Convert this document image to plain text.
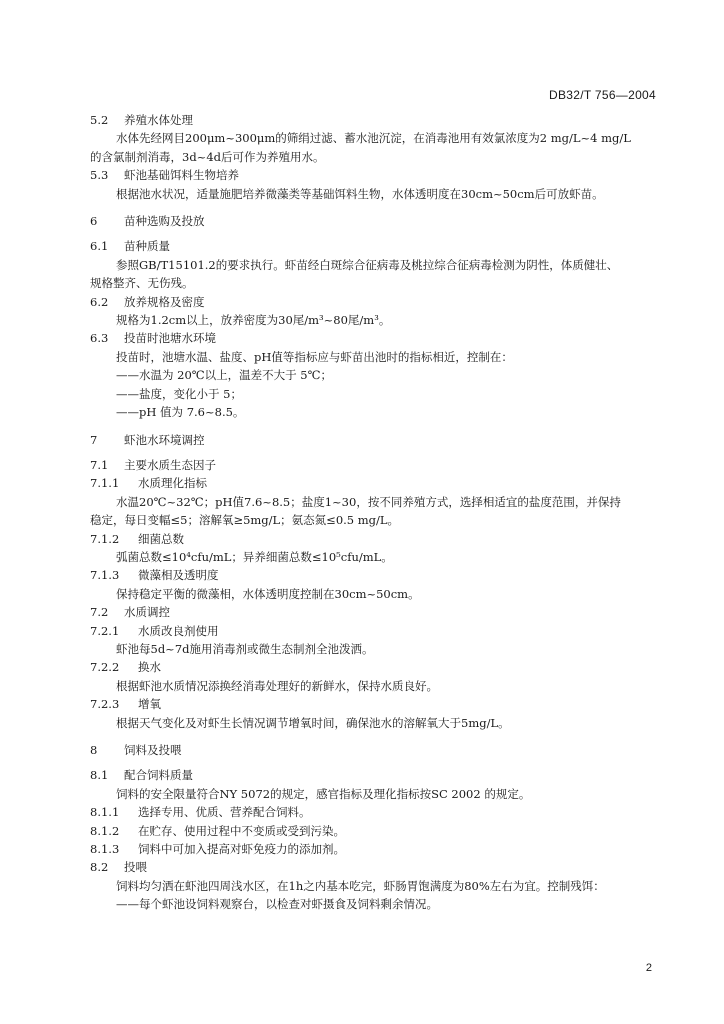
DB32/T 756—2004
5.2 养殖水体处理
水体先经网目200μm~300μm的筛绢过滤、蓄水池沉淀，在消毒池用有效氯浓度为2 mg/L~4 mg/L
的含氯制剂消毒，3d~4d后可作为养殖用水。
5.3 虾池基础饵料生物培养
根据池水状况，适量施肥培养微藻类等基础饵料生物，水体透明度在30cm~50cm后可放虾苗。
6 苗种选购及投放
6.1 苗种质量
参照GB/T15101.2的要求执行。虾苗经白斑综合征病毒及桃拉综合征病毒检测为阴性，体质健壮、
规格整齐、无伤残。
6.2 放养规格及密度
规格为1.2cm以上，放养密度为30尾/m³~80尾/m³。
6.3 投苗时池塘水环境
投苗时，池塘水温、盐度、pH值等指标应与虾苗出池时的指标相近，控制在：
——水温为 20℃以上，温差不大于 5℃；
——盐度，变化小于 5；
——pH 值为 7.6~8.5。
7 虾池水环境调控
7.1 主要水质生态因子
7.1.1 水质理化指标
水温20℃~32℃；pH值7.6~8.5；盐度1~30，按不同养殖方式，选择相适宜的盐度范围，并保持
稳定，每日变幅≤5；溶解氧≥5mg/L；氨态氮≤0.5 mg/L。
7.1.2 细菌总数
弧菌总数≤10⁴cfu/mL；异养细菌总数≤10⁵cfu/mL。
7.1.3 微藻相及透明度
保持稳定平衡的微藻相，水体透明度控制在30cm~50cm。
7.2 水质调控
7.2.1 水质改良剂使用
虾池每5d~7d施用消毒剂或微生态制剂全池泼洒。
7.2.2 换水
根据虾池水质情况添换经消毒处理好的新鲜水，保持水质良好。
7.2.3 增氧
根据天气变化及对虾生长情况调节增氧时间，确保池水的溶解氧大于5mg/L。
8 饲料及投喂
8.1 配合饲料质量
饲料的安全限量符合NY 5072的规定，感官指标及理化指标按SC 2002 的规定。
8.1.1 选择专用、优质、营养配合饲料。
8.1.2 在贮存、使用过程中不变质或受到污染。
8.1.3 饲料中可加入提高对虾免疫力的添加剂。
8.2 投喂
饲料均匀洒在虾池四周浅水区，在1h之内基本吃完，虾肠胃饱满度为80%左右为宜。控制残饵：
——每个虾池设饲料观察台，以检查对虾摄食及饲料剩余情况。
2
